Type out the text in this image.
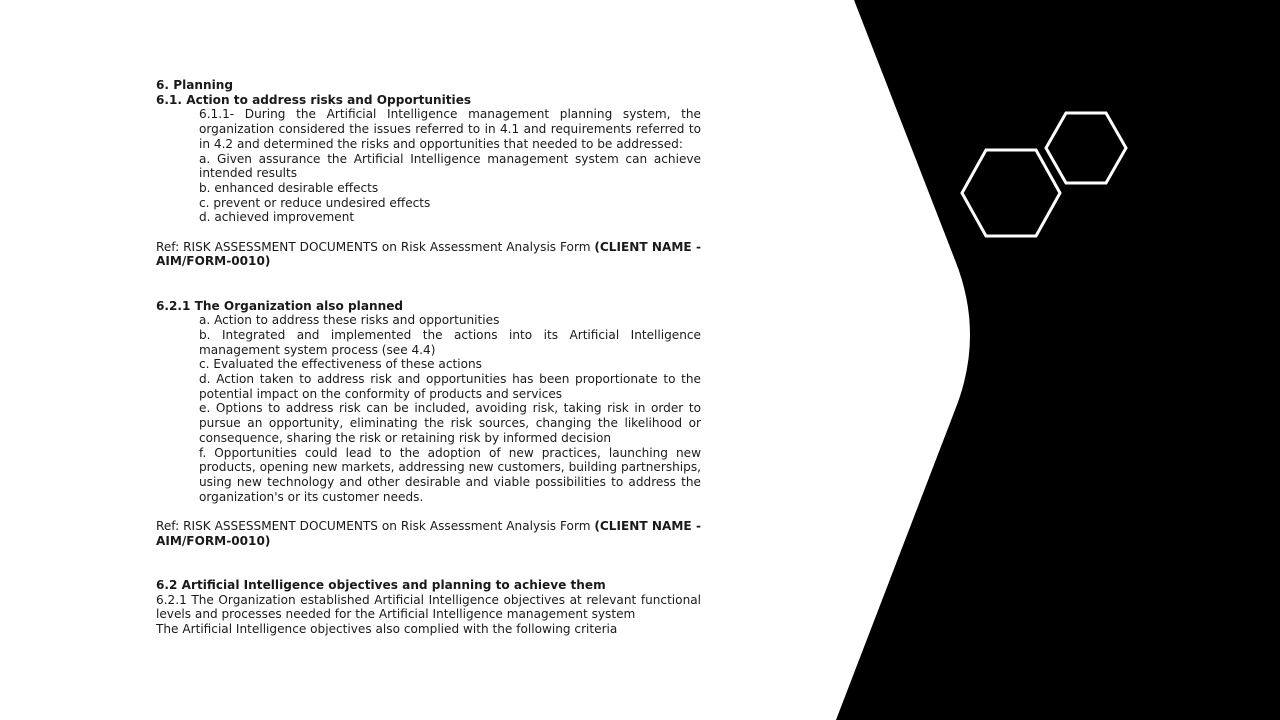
6. Planning

6.1. Action to address risks and Opportunities

6.1.1- During the Artificial Intelligence management planning system, the organization considered the issues referred to in 4.1 and requirements referred to in 4.2 and determined the risks and opportunities that needed to be addressed:

a. Given assurance the Artificial Intelligence management system can achieve intended results

b. enhanced desirable effects

c. prevent or reduce undesired effects

d. achieved improvement

Ref: RISK ASSESSMENT DOCUMENTS on Risk Assessment Analysis Form (CLIENT NAME -AIM/FORM-0010)

6.2.1 The Organization also planned

a. Action to address these risks and opportunities

b. Integrated and implemented the actions into its Artificial Intelligence management system process (see 4.4)

c. Evaluated the effectiveness of these actions

d. Action taken to address risk and opportunities has been proportionate to the potential impact on the conformity of products and services

e. Options to address risk can be included, avoiding risk, taking risk in order to pursue an opportunity, eliminating the risk sources, changing the likelihood or consequence, sharing the risk or retaining risk by informed decision

f. Opportunities could lead to the adoption of new practices, launching new products, opening new markets, addressing new customers, building partnerships, using new technology and other desirable and viable possibilities to address the organization's or its customer needs.

Ref: RISK ASSESSMENT DOCUMENTS on Risk Assessment Analysis Form (CLIENT NAME -AIM/FORM-0010)

6.2 Artificial Intelligence objectives and planning to achieve them

6.2.1 The Organization established Artificial Intelligence objectives at relevant functional levels and processes needed for the Artificial Intelligence management system

The Artificial Intelligence objectives also complied with the following criteria
